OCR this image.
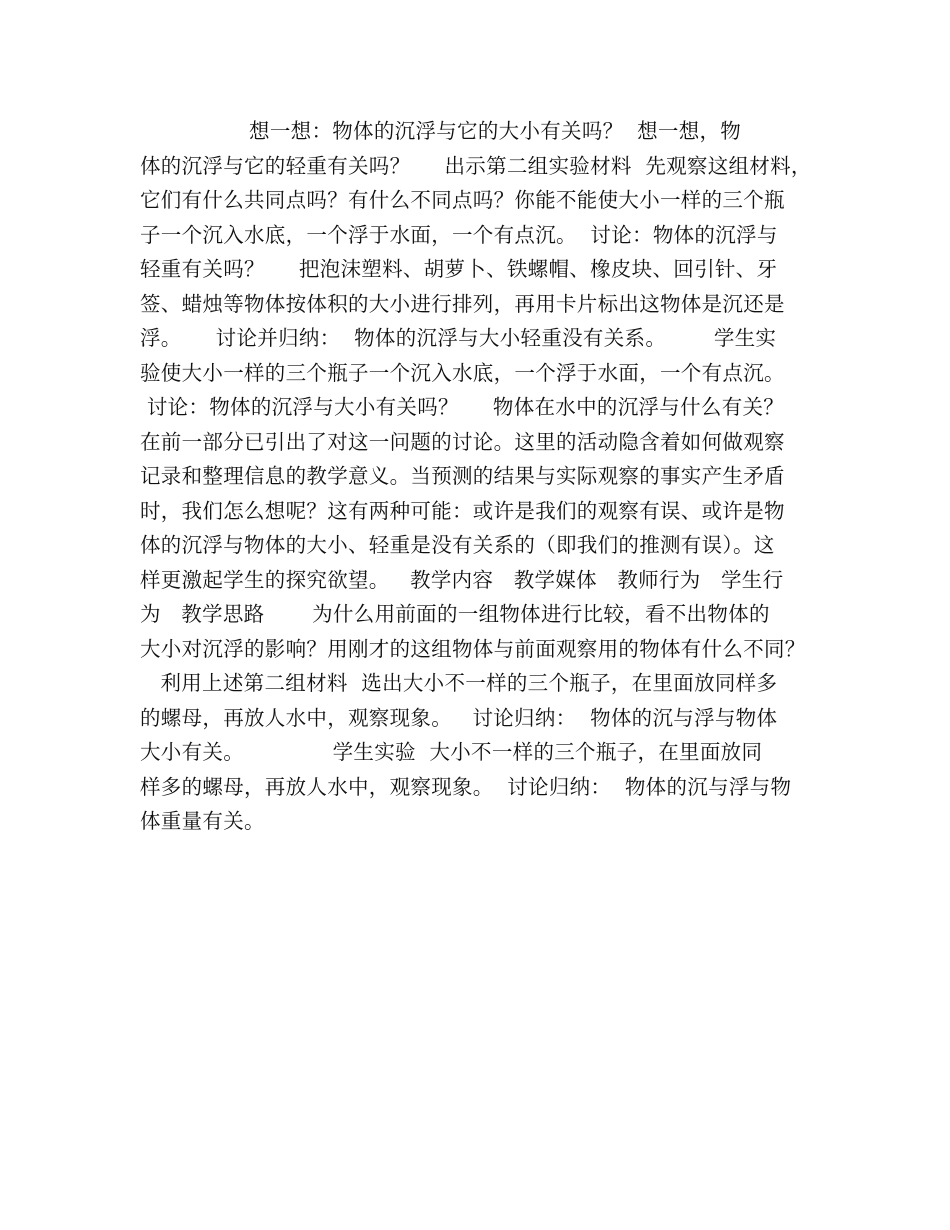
想一想：物体的沉浮与它的大小有关吗？  想一想，物
体的沉浮与它的轻重有关吗？     出示第二组实验材料  先观察这组材料，
它们有什么共同点吗？有什么不同点吗？你能不能使大小一样的三个瓶
子一个沉入水底，一个浮于水面，一个有点沉。  讨论：物体的沉浮与
轻重有关吗？     把泡沫塑料、胡萝卜、铁螺帽、橡皮块、回引针、牙
签、蜡烛等物体按体积的大小进行排列，再用卡片标出这物体是沉还是
浮。     讨论并归纳：  物体的沉浮与大小轻重没有关系。       学生实
验使大小一样的三个瓶子一个沉入水底，一个浮于水面，一个有点沉。
讨论：物体的沉浮与大小有关吗？     物体在水中的沉浮与什么有关？
在前一部分已引出了对这一问题的讨论。这里的活动隐含着如何做观察
记录和整理信息的教学意义。当预测的结果与实际观察的事实产生矛盾
时，我们怎么想呢？这有两种可能：或许是我们的观察有误、或许是物
体的沉浮与物体的大小、轻重是没有关系的（即我们的推测有误）。这
样更激起学生的探究欲望。   教学内容   教学媒体   教师行为   学生行
为   教学思路       为什么用前面的一组物体进行比较，看不出物体的
大小对沉浮的影响？用刚才的这组物体与前面观察用的物体有什么不同？
利用上述第二组材料  选出大小不一样的三个瓶子，在里面放同样多
的螺母，再放人水中，观察现象。   讨论归纳：  物体的沉与浮与物体
大小有关。             学生实验  大小不一样的三个瓶子，在里面放同
样多的螺母，再放人水中，观察现象。  讨论归纳：  物体的沉与浮与物
体重量有关。
